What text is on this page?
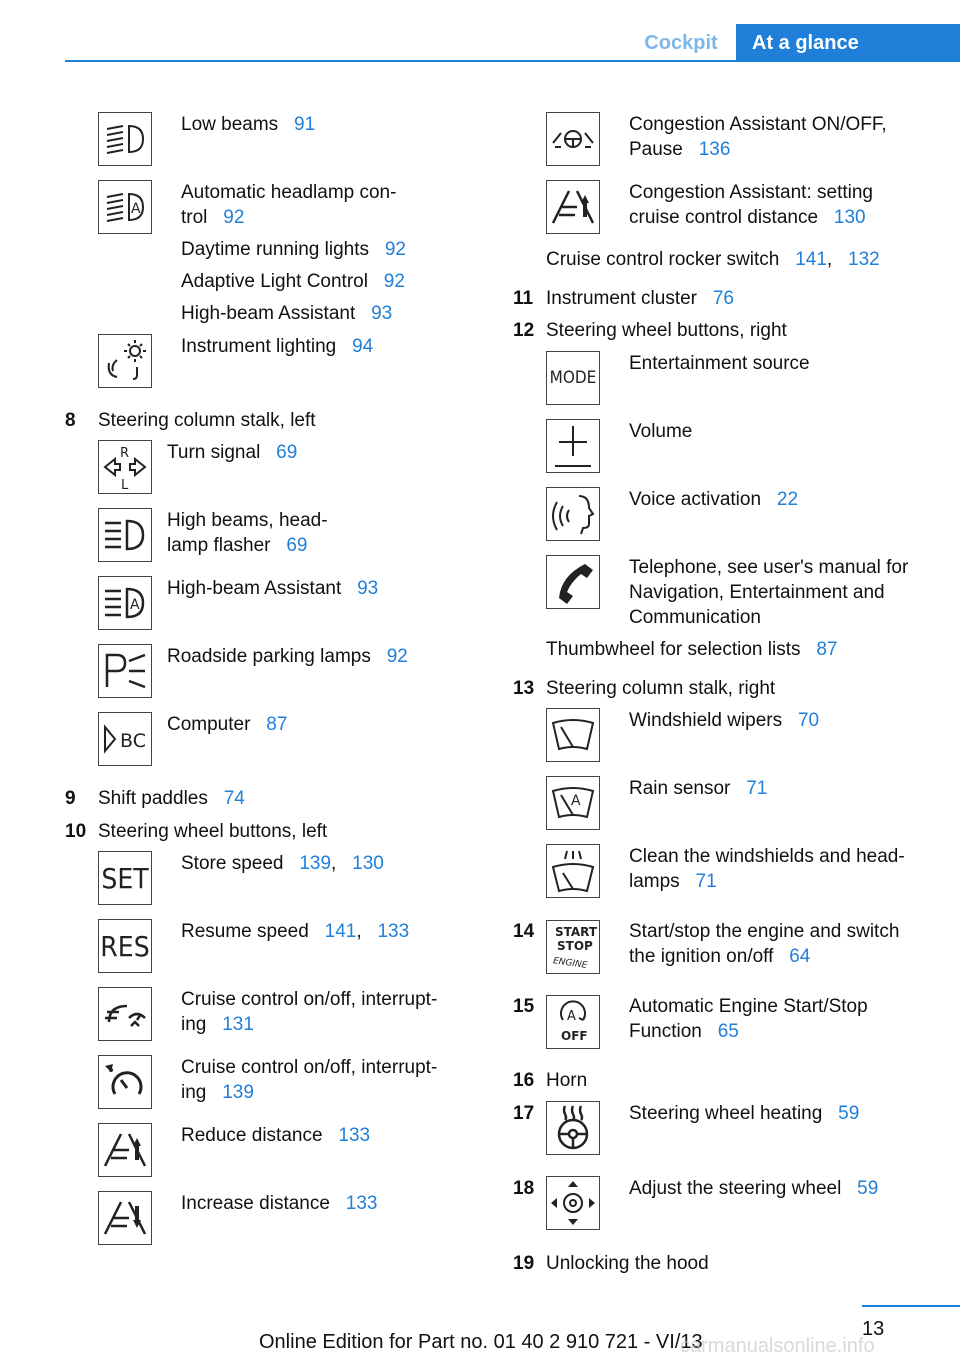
Cockpit	At a glance
Low beams 91
A
Automatic headlamp con-
trol 92
Daytime running lights 92
Adaptive Light Control 92
High-beam Assistant 93
Instrument lighting 94
8 Steering column stalk, left
R
L
Turn signal 69
High beams, head-
lamp flasher 69
A
High-beam Assistant 93
Roadside parking lamps 92
BC
Computer 87
9 Shift paddles 74
10 Steering wheel buttons, left
SET Store speed 139,   130
RES Resume speed 141,   133
Cruise control on/off, interrupt-
ing 131
Cruise control on/off, interrupt-
ing 139
Reduce distance 133
Increase distance 133
Congestion Assistant ON/OFF,
Pause 136
Congestion Assistant: setting
cruise control distance 130
Cruise control rocker switch 141,   132
11 Instrument cluster 76
12 Steering wheel buttons, right
MODE
Entertainment source
Volume
Voice activation 22
Telephone, see user's manual for
Navigation, Entertainment and
Communication
Thumbwheel for selection lists 87
13 Steering column stalk, right
Windshield wipers 70
A
Rain sensor 71
Clean the windshields and head-
lamps 71
14 START
STOP
ENGINE
Start/stop the engine and switch
the ignition on/off 64
15	A
OFF
Automatic Engine Start/Stop
Function 65
16 Horn
17	Steering wheel heating 59
18	Adjust the steering wheel 59
19 Unlocking the hood
13
Online Edition for Part no. 01 40 2 910 721 - VI/13
carmanualsonline.info
